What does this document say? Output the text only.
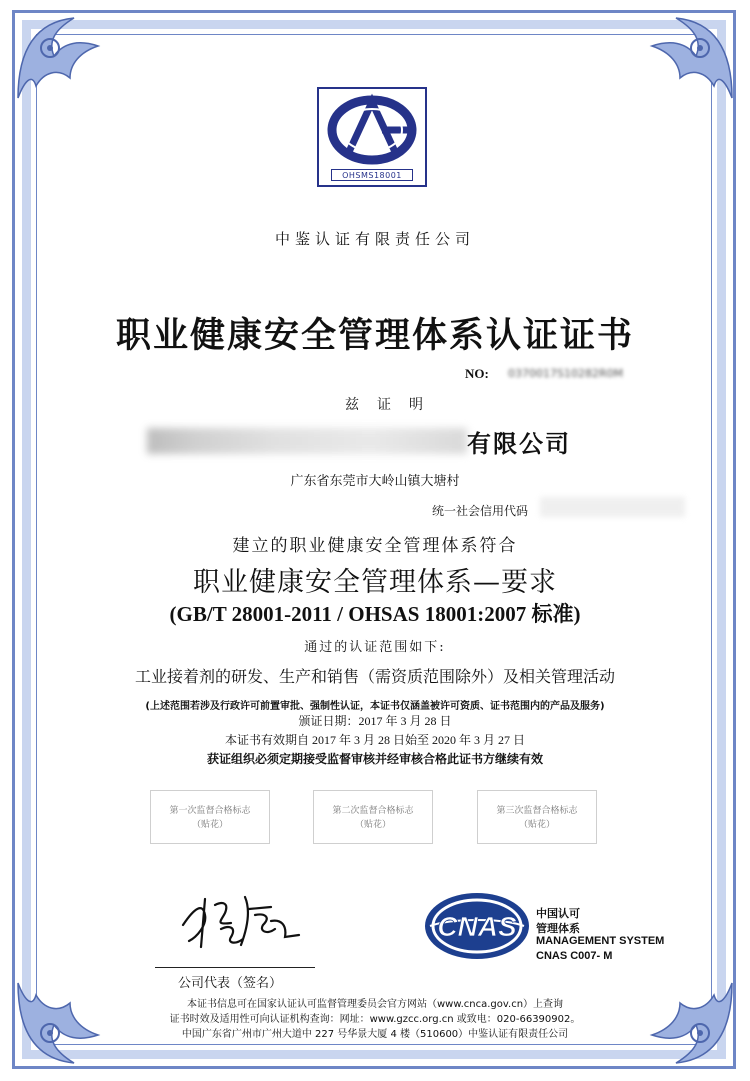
OHSMS18001
中鉴认证有限责任公司
职业健康安全管理体系认证证书
NO: 0370017S10282R0M
兹证明
有限公司
广东省东莞市大岭山镇大塘村
统一社会信用代码
建立的职业健康安全管理体系符合
职业健康安全管理体系—要求
(GB/T 28001-2011 / OHSAS 18001:2007 标准)
通过的认证范围如下:
工业接着剂的研发、生产和销售（需资质范围除外）及相关管理活动
(上述范围若涉及行政许可前置审批、强制性认证，本证书仅涵盖被许可资质、证书范围内的产品及服务)
颁证日期：2017 年 3 月 28 日
本证书有效期自 2017 年 3 月 28 日始至 2020 年 3 月 27 日
获证组织必须定期接受监督审核并经审核合格此证书方继续有效
第一次监督合格标志
（贴花）
第二次监督合格标志
（贴花）
第三次监督合格标志
（贴花）
公司代表（签名）
CNAS 中国认可
管理体系
MANAGEMENT SYSTEM
CNAS C007- M
本证书信息可在国家认证认可监督管理委员会官方网站（www.cnca.gov.cn）上查询
证书时效及适用性可向认证机构查询：网址：www.gzcc.org.cn 或致电：020-66390902。
中国广东省广州市广州大道中 227 号华景大厦 4 楼（510600）中鉴认证有限责任公司
